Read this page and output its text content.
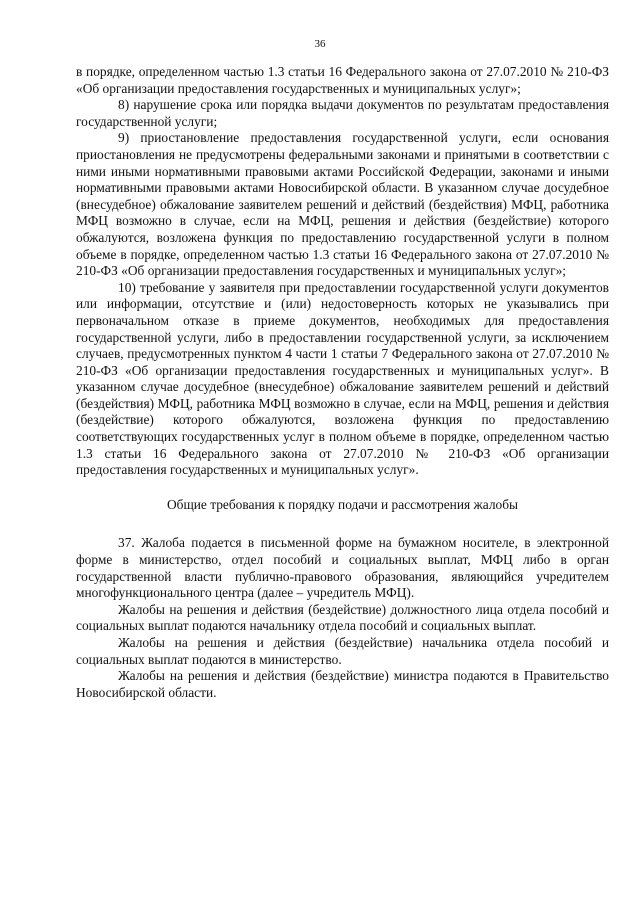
36

в порядке, определенном частью 1.3 статьи 16 Федерального закона от 27.07.2010 № 210-ФЗ «Об организации предоставления государственных и муниципальных услуг»;

8) нарушение срока или порядка выдачи документов по результатам предоставления государственной услуги;

9) приостановление предоставления государственной услуги, если основания приостановления не предусмотрены федеральными законами и принятыми в соответствии с ними иными нормативными правовыми актами Российской Федерации, законами и иными нормативными правовыми актами Новосибирской области. В указанном случае досудебное (внесудебное) обжалование заявителем решений и действий (бездействия) МФЦ, работника МФЦ возможно в случае, если на МФЦ, решения и действия (бездействие) которого обжалуются, возложена функция по предоставлению государственной услуги в полном объеме в порядке, определенном частью 1.3 статьи 16 Федерального закона от 27.07.2010 № 210-ФЗ «Об организации предоставления государственных и муниципальных услуг»;

10) требование у заявителя при предоставлении государственной услуги документов или информации, отсутствие и (или) недостоверность которых не указывались при первоначальном отказе в приеме документов, необходимых для предоставления государственной услуги, либо в предоставлении государственной услуги, за исключением случаев, предусмотренных пунктом 4 части 1 статьи 7 Федерального закона от 27.07.2010 № 210-ФЗ «Об организации предоставления государственных и муниципальных услуг». В указанном случае досудебное (внесудебное) обжалование заявителем решений и действий (бездействия) МФЦ, работника МФЦ возможно в случае, если на МФЦ, решения и действия (бездействие) которого обжалуются, возложена функция по предоставлению соответствующих государственных услуг в полном объеме в порядке, определенном частью 1.3 статьи 16 Федерального закона от 27.07.2010 № 210-ФЗ «Об организации предоставления государственных и муниципальных услуг».

Общие требования к порядку подачи и рассмотрения жалобы

37. Жалоба подается в письменной форме на бумажном носителе, в электронной форме в министерство, отдел пособий и социальных выплат, МФЦ либо в орган государственной власти публично-правового образования, являющийся учредителем многофункционального центра (далее – учредитель МФЦ).

Жалобы на решения и действия (бездействие) должностного лица отдела пособий и социальных выплат подаются начальнику отдела пособий и социальных выплат.

Жалобы на решения и действия (бездействие) начальника отдела пособий и социальных выплат подаются в министерство.

Жалобы на решения и действия (бездействие) министра подаются в Правительство Новосибирской области.
